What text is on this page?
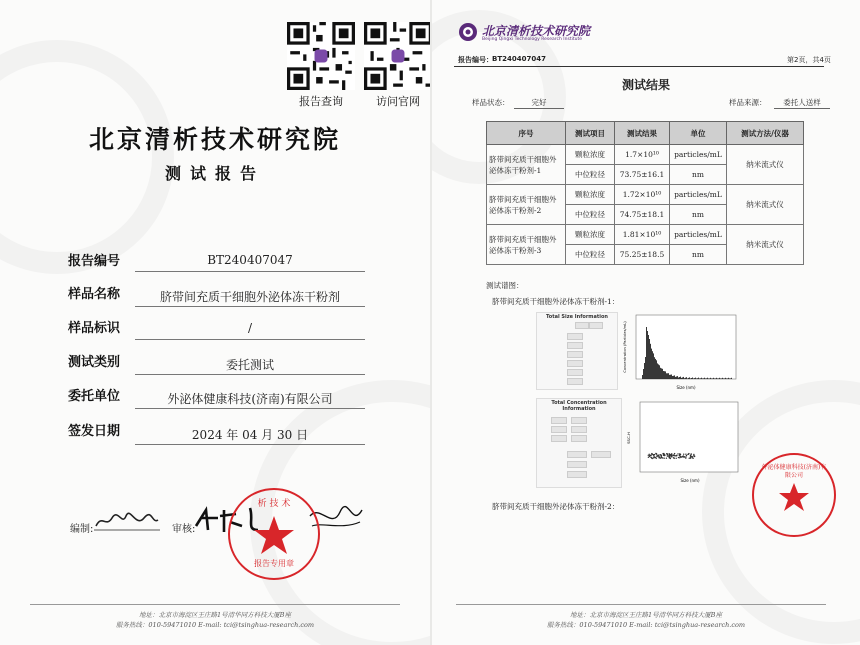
报告查询	访问官网
北京清析技术研究院
测试报告
报告编号	BT240407047
样品名称	脐带间充质干细胞外泌体冻干粉剂
样品标识	/
测试类别	委托测试
委托单位	外泌体健康科技(济南)有限公司
签发日期	2024 年 04 月 30 日
编制:	审核:
析 技 术
报告专用章
地址：北京市海淀区王庄路1号清华同方科技大厦B座
服务热线：010-59471010 E-mail: tci@tsinghua-research.com
北京清析技术研究院
Beijing Qingxi Technology Research Institute
报告编号： BT240407047	第2页，共4页
测试结果
样品状态：	完好	样品来源：	委托人送样
序号	测试项目	测试结果	单位	测试方法/仪器
脐带间充质干细胞外泌体冻干粉剂-1	颗粒浓度	1.7×10¹⁰	particles/mL	纳米流式仪
	中位粒径	73.75±16.1	nm	
脐带间充质干细胞外泌体冻干粉剂-2	颗粒浓度	1.72×10¹⁰	particles/mL	纳米流式仪
	中位粒径	74.75±18.1	nm	
脐带间充质干细胞外泌体冻干粉剂-3	颗粒浓度	1.81×10¹⁰	particles/mL	纳米流式仪
	中位粒径	75.25±18.5	nm	
测试谱图：
脐带间充质干细胞外泌体冻干粉剂-1：
Total Size Information
Concentration (Particles/mL)
Size (nm)
Total Concentration Information
SSC-H
Size (nm)
脐带间充质干细胞外泌体冻干粉剂-2：
外泌体健康科技(济南)有限公司
地址：北京市海淀区王庄路1号清华同方科技大厦B座
服务热线：010-59471010 E-mail: tci@tsinghua-research.com
